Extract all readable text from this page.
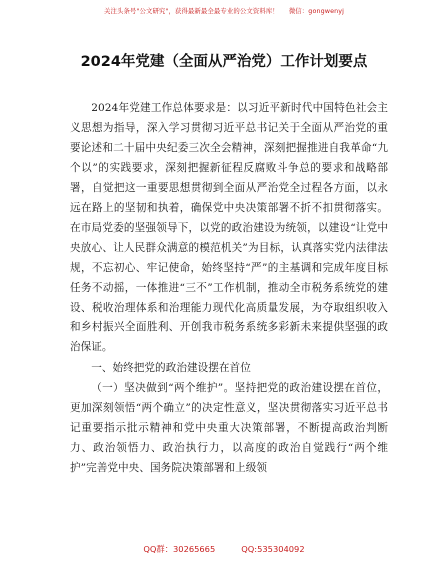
关注头条号"公文研究"，获得最新最全最专业的公文资料库！ 微信：gongwenyj
2024年党建（全面从严治党）工作计划要点

2024年党建工作总体要求是：以习近平新时代中国特色社会主义思想为指导，深入学习贯彻习近平总书记关于全面从严治党的重要论述和二十届中央纪委三次全会精神，深刻把握推进自我革命“九个以”的实践要求，深刻把握新征程反腐败斗争总的要求和战略部署，自觉把这一重要思想贯彻到全面从严治党全过程各方面，以永远在路上的坚韧和执着，确保党中央决策部署不折不扣贯彻落实。在市局党委的坚强领导下，以党的政治建设为统领，以建设“让党中央放心、让人民群众满意的模范机关”为目标，认真落实党内法律法规，不忘初心、牢记使命，始终坚持“严”的主基调和完成年度目标任务不动摇，一体推进“三不”工作机制，推动全市税务系统党的建设、税收治理体系和治理能力现代化高质量发展，为夺取组织收入和乡村振兴全面胜利、开创我市税务系统多彩新未来提供坚强的政治保证。

一、始终把党的政治建设摆在首位

（一）坚决做到“两个维护”。坚持把党的政治建设摆在首位，更加深刻领悟“两个确立”的决定性意义，坚决贯彻落实习近平总书记重要指示批示精神和党中央重大决策部署，不断提高政治判断力、政治领悟力、政治执行力，以高度的政治自觉践行“两个维护”完善党中央、国务院决策部署和上级领

QQ群：30265665	QQ:535304092
